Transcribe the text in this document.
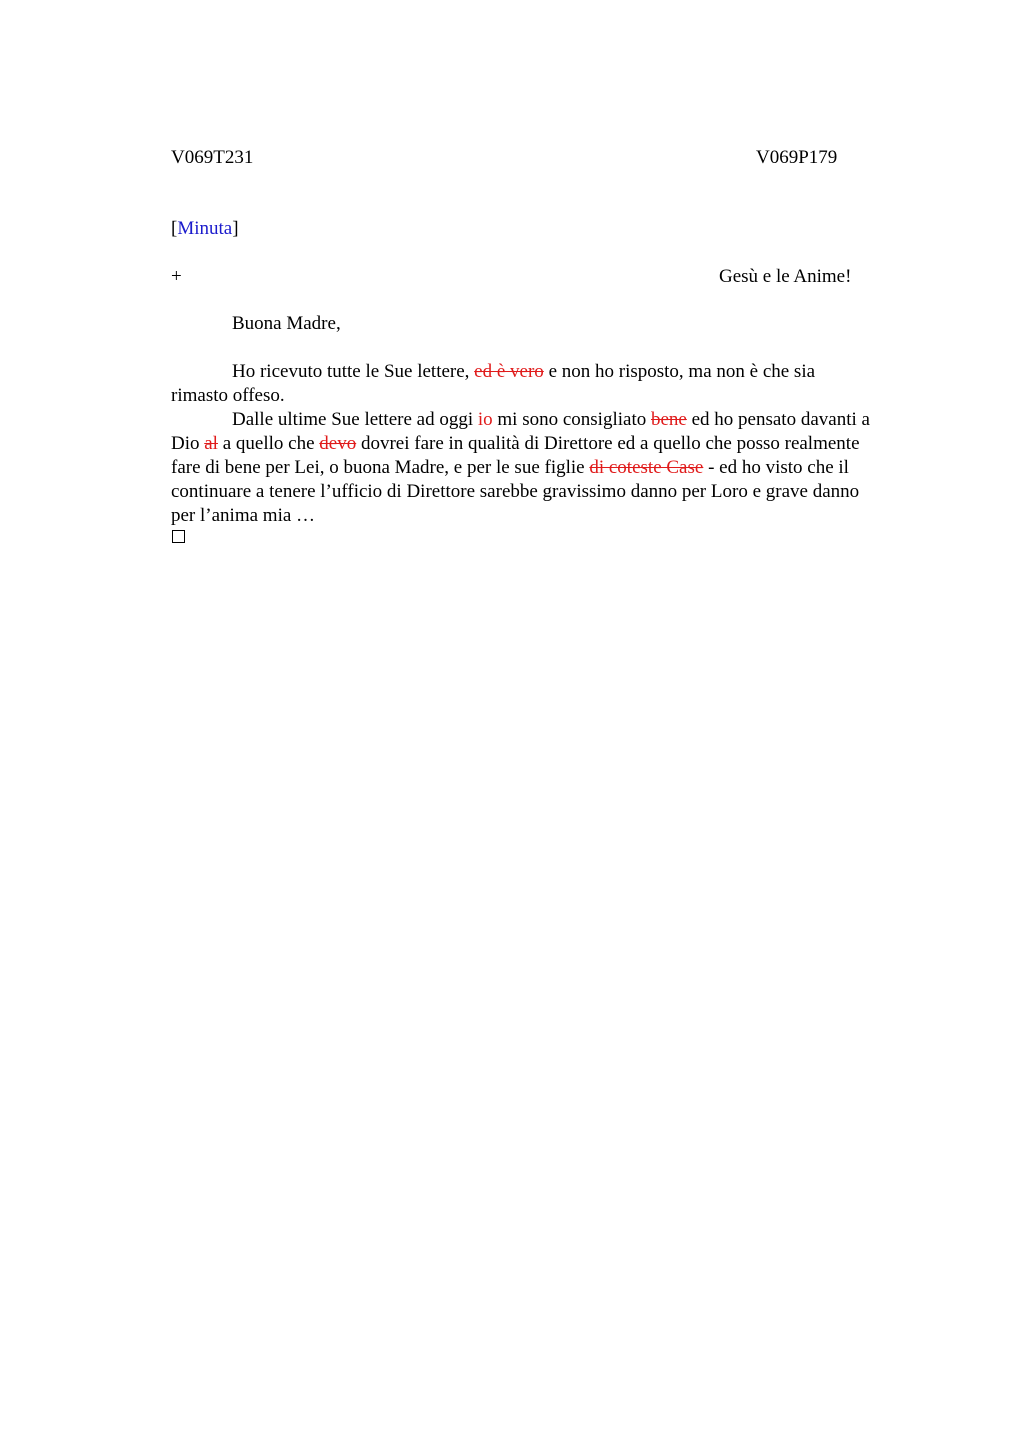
V069T231	V069P179
[Minuta]
+	Gesù e le Anime!
Buona Madre,

Ho ricevuto tutte le Sue lettere, ed è vero e non ho risposto, ma non è che sia
rimasto offeso.

Dalle ultime Sue lettere ad oggi io mi sono consigliato bene ed ho pensato davanti a
Dio al a quello che devo dovrei fare in qualità di Direttore ed a quello che posso realmente
fare di bene per Lei, o buona Madre, e per le sue figlie di coteste Case - ed ho visto che il
continuare a tenere l’ufficio di Direttore sarebbe gravissimo danno per Loro e grave danno
per l’anima mia …
